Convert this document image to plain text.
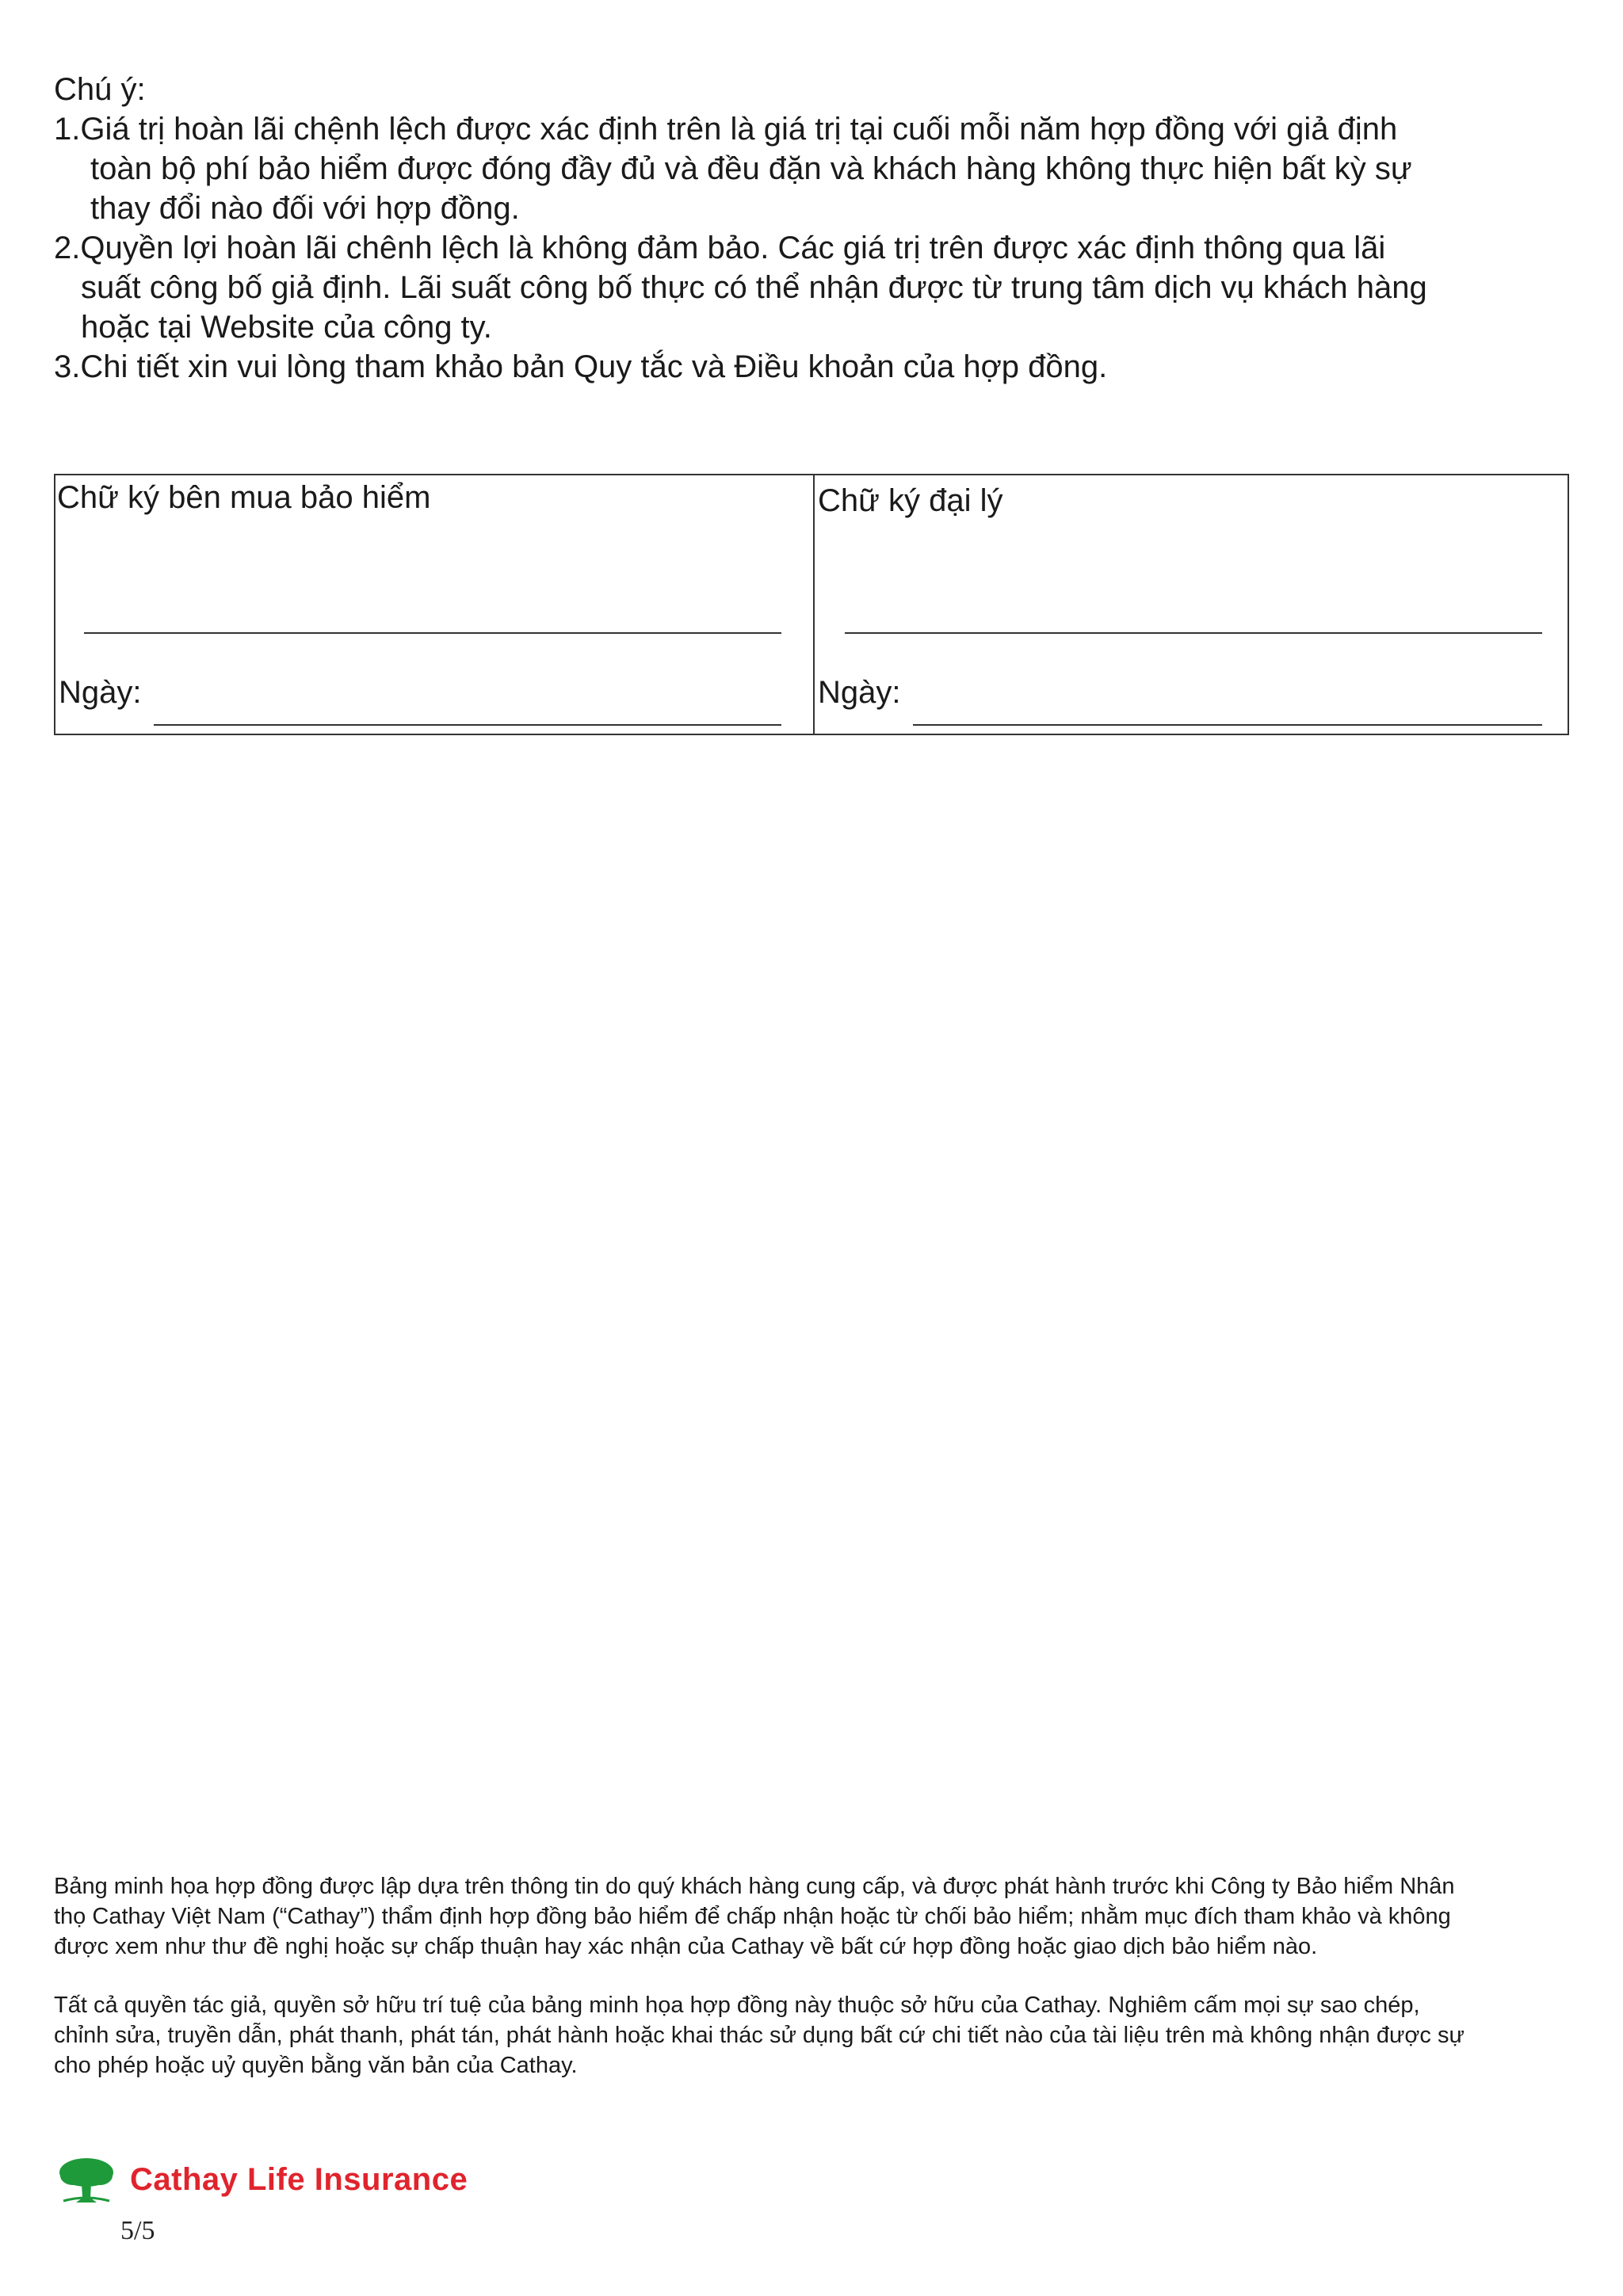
Chú ý:
1.Giá trị hoàn lãi chệnh lệch được xác định trên là giá trị tại cuối mỗi năm hợp đồng với giả định
toàn bộ phí bảo hiểm được đóng đầy đủ và đều đặn và khách hàng không thực hiện bất kỳ sự
thay đổi nào đối với hợp đồng.
2.Quyền lợi hoàn lãi chênh lệch là không đảm bảo. Các giá trị trên được xác định thông qua lãi
suất công bố giả định. Lãi suất công bố thực có thể nhận được từ trung tâm dịch vụ khách hàng
hoặc tại Website của công ty.
3.Chi tiết xin vui lòng tham khảo bản Quy tắc và Điều khoản của hợp đồng.
Chữ ký bên mua bảo hiểm
Ngày:
Chữ ký đại lý
Ngày:
Bảng minh họa hợp đồng được lập dựa trên thông tin do quý khách hàng cung cấp, và được phát hành trước khi Công ty Bảo hiểm Nhân
thọ Cathay Việt Nam (“Cathay”) thẩm định hợp đồng bảo hiểm để chấp nhận hoặc từ chối bảo hiểm; nhằm mục đích tham khảo và không
được xem như thư đề nghị hoặc sự chấp thuận hay xác nhận của Cathay về bất cứ hợp đồng hoặc giao dịch bảo hiểm nào.
Tất cả quyền tác giả, quyền sở hữu trí tuệ của bảng minh họa hợp đồng này thuộc sở hữu của Cathay. Nghiêm cấm mọi sự sao chép,
chỉnh sửa, truyền dẫn, phát thanh, phát tán, phát hành hoặc khai thác sử dụng bất cứ chi tiết nào của tài liệu trên mà không nhận được sự
cho phép hoặc uỷ quyền bằng văn bản của Cathay.
Cathay Life Insurance
5/5
